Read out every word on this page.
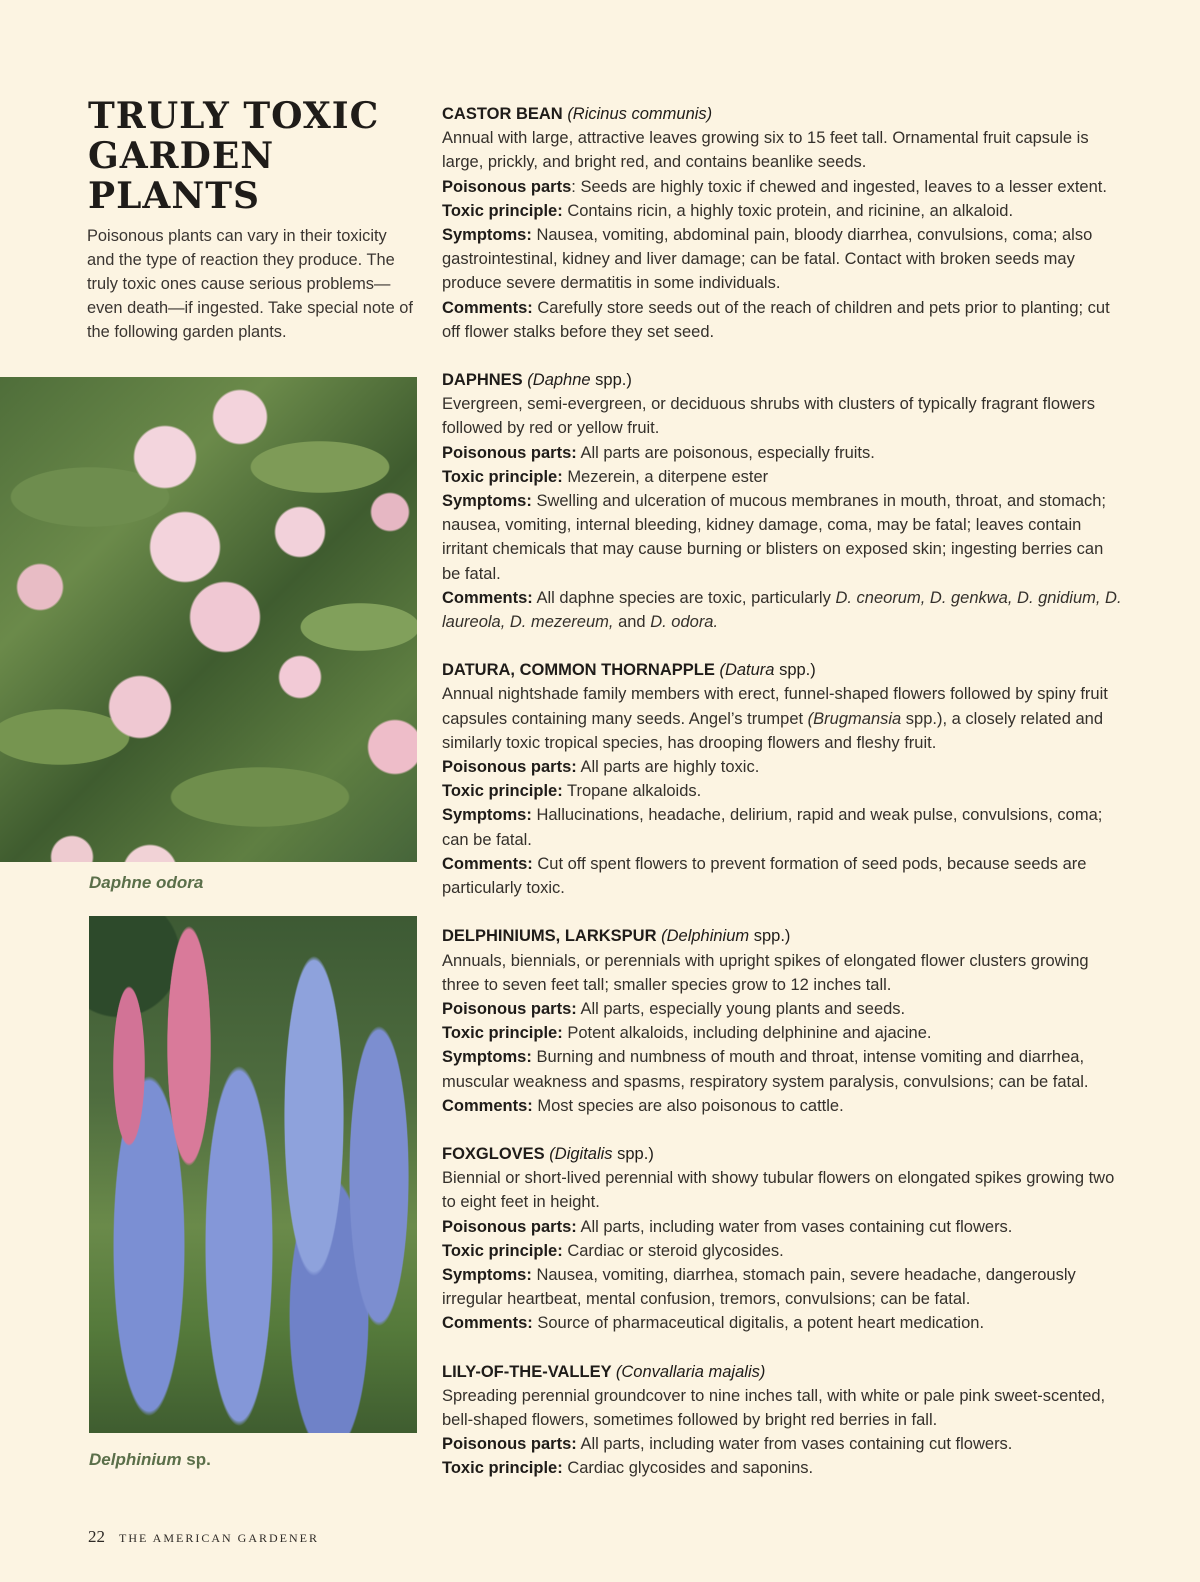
TRULY TOXIC GARDEN PLANTS

Poisonous plants can vary in their toxicity and the type of reaction they produce. The truly toxic ones cause serious problems—even death—if ingested. Take special note of the following garden plants.

Daphne odora

Delphinium sp.

CASTOR BEAN (Ricinus communis)

Annual with large, attractive leaves growing six to 15 feet tall. Ornamental fruit capsule is large, prickly, and bright red, and contains beanlike seeds.

Poisonous parts: Seeds are highly toxic if chewed and ingested, leaves to a lesser extent.

Toxic principle: Contains ricin, a highly toxic protein, and ricinine, an alkaloid.

Symptoms: Nausea, vomiting, abdominal pain, bloody diarrhea, convulsions, coma; also gastrointestinal, kidney and liver damage; can be fatal. Contact with broken seeds may produce severe dermatitis in some individuals.

Comments: Carefully store seeds out of the reach of children and pets prior to planting; cut off flower stalks before they set seed.

DAPHNES (Daphne spp.)

Evergreen, semi-evergreen, or deciduous shrubs with clusters of typically fragrant flowers followed by red or yellow fruit.

Poisonous parts: All parts are poisonous, especially fruits.

Toxic principle: Mezerein, a diterpene ester

Symptoms: Swelling and ulceration of mucous membranes in mouth, throat, and stomach; nausea, vomiting, internal bleeding, kidney damage, coma, may be fatal; leaves contain irritant chemicals that may cause burning or blisters on exposed skin; ingesting berries can be fatal.

Comments: All daphne species are toxic, particularly D. cneorum, D. genkwa, D. gnidium, D. laureola, D. mezereum, and D. odora.

DATURA, COMMON THORNAPPLE (Datura spp.)

Annual nightshade family members with erect, funnel-shaped flowers followed by spiny fruit capsules containing many seeds. Angel’s trumpet (Brugmansia spp.), a closely related and similarly toxic tropical species, has drooping flowers and fleshy fruit.

Poisonous parts: All parts are highly toxic.

Toxic principle: Tropane alkaloids.

Symptoms: Hallucinations, headache, delirium, rapid and weak pulse, convulsions, coma; can be fatal.

Comments: Cut off spent flowers to prevent formation of seed pods, because seeds are particularly toxic.

DELPHINIUMS, LARKSPUR (Delphinium spp.)

Annuals, biennials, or perennials with upright spikes of elongated flower clusters growing three to seven feet tall; smaller species grow to 12 inches tall.

Poisonous parts: All parts, especially young plants and seeds.

Toxic principle: Potent alkaloids, including delphinine and ajacine.

Symptoms: Burning and numbness of mouth and throat, intense vomiting and diarrhea, muscular weakness and spasms, respiratory system paralysis, convulsions; can be fatal.

Comments: Most species are also poisonous to cattle.

FOXGLOVES (Digitalis spp.)

Biennial or short-lived perennial with showy tubular flowers on elongated spikes growing two to eight feet in height.

Poisonous parts: All parts, including water from vases containing cut flowers.

Toxic principle: Cardiac or steroid glycosides.

Symptoms: Nausea, vomiting, diarrhea, stomach pain, severe headache, dangerously irregular heartbeat, mental confusion, tremors, convulsions; can be fatal.

Comments: Source of pharmaceutical digitalis, a potent heart medication.

LILY-OF-THE-VALLEY (Convallaria majalis)

Spreading perennial groundcover to nine inches tall, with white or pale pink sweet-scented, bell-shaped flowers, sometimes followed by bright red berries in fall.

Poisonous parts: All parts, including water from vases containing cut flowers.

Toxic principle: Cardiac glycosides and saponins.

22 THE AMERICAN GARDENER
